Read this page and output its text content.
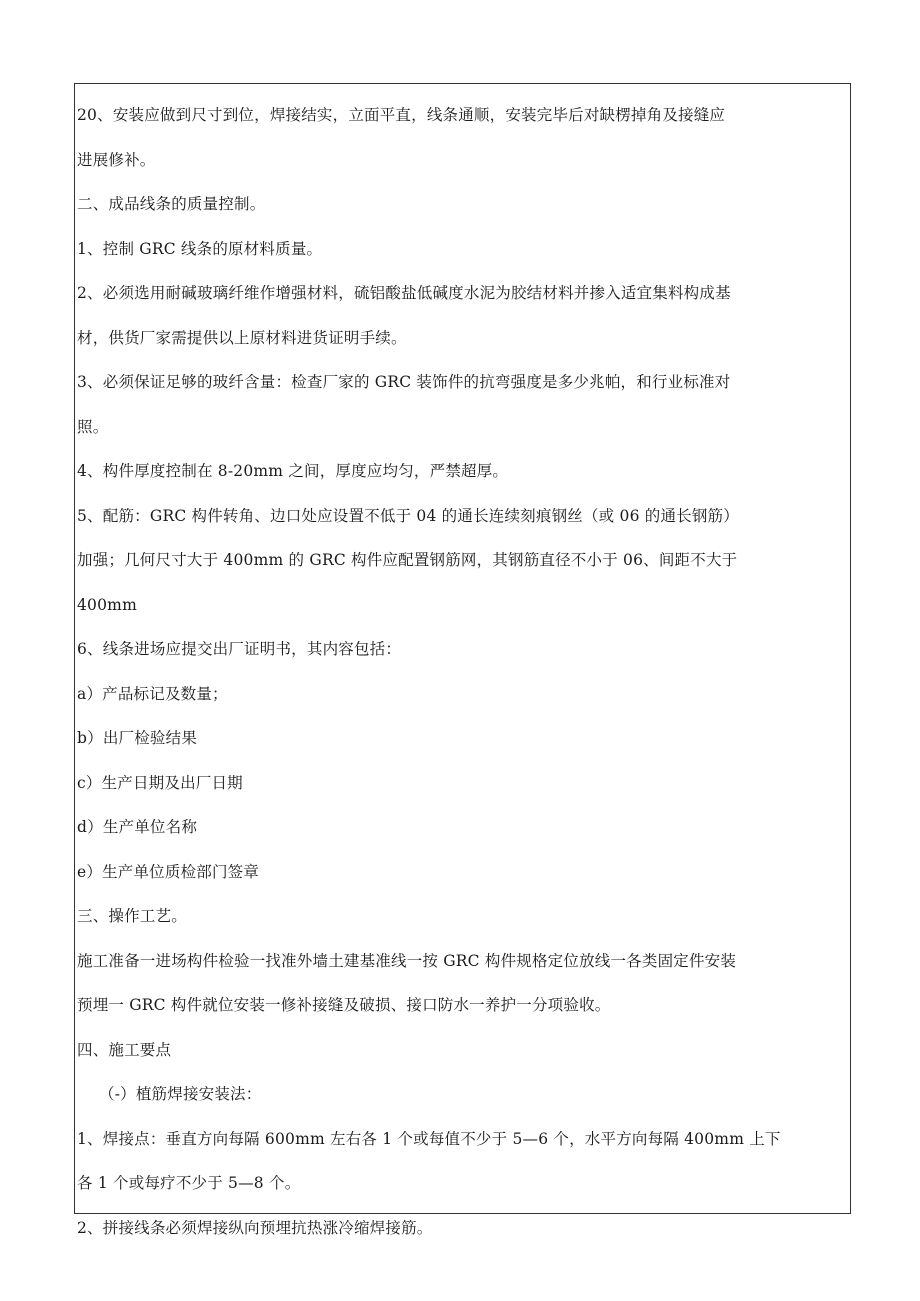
20、安装应做到尺寸到位，焊接结实，立面平直，线条通顺，安装完毕后对缺楞掉角及接缝应
进展修补。
二、成品线条的质量控制。
1、控制 GRC 线条的原材料质量。
2、必须选用耐碱玻璃纤维作增强材料，硫铝酸盐低碱度水泥为胶结材料并掺入适宜集料构成基
材，供货厂家需提供以上原材料进货证明手续。
3、必须保证足够的玻纤含量：检查厂家的 GRC 装饰件的抗弯强度是多少兆帕，和行业标准对
照。
4、构件厚度控制在 8-20mm 之间，厚度应均匀，严禁超厚。
5、配筋：GRC 构件转角、边口处应设置不低于 04 的通长连续刻痕钢丝（或 06 的通长钢筋）
加强；几何尺寸大于 400mm 的 GRC 构件应配置钢筋网，其钢筋直径不小于 06、间距不大于
400mm
6、线条进场应提交出厂证明书，其内容包括：
a）产品标记及数量；
b）出厂检验结果
c）生产日期及出厂日期
d）生产单位名称
e）生产单位质检部门签章
三、操作工艺。
施工准备一进场构件检验一找准外墙土建基准线一按 GRC 构件规格定位放线一各类固定件安装
预埋一 GRC 构件就位安装一修补接缝及破损、接口防水一养护一分项验收。
四、施工要点
（-）植筋焊接安装法：
1、焊接点：垂直方向每隔 600mm 左右各 1 个或每值不少于 5—6 个，水平方向每隔 400mm 上下
各 1 个或每疗不少于 5—8 个。
2、拼接线条必须焊接纵向预埋抗热涨冷缩焊接筋。
